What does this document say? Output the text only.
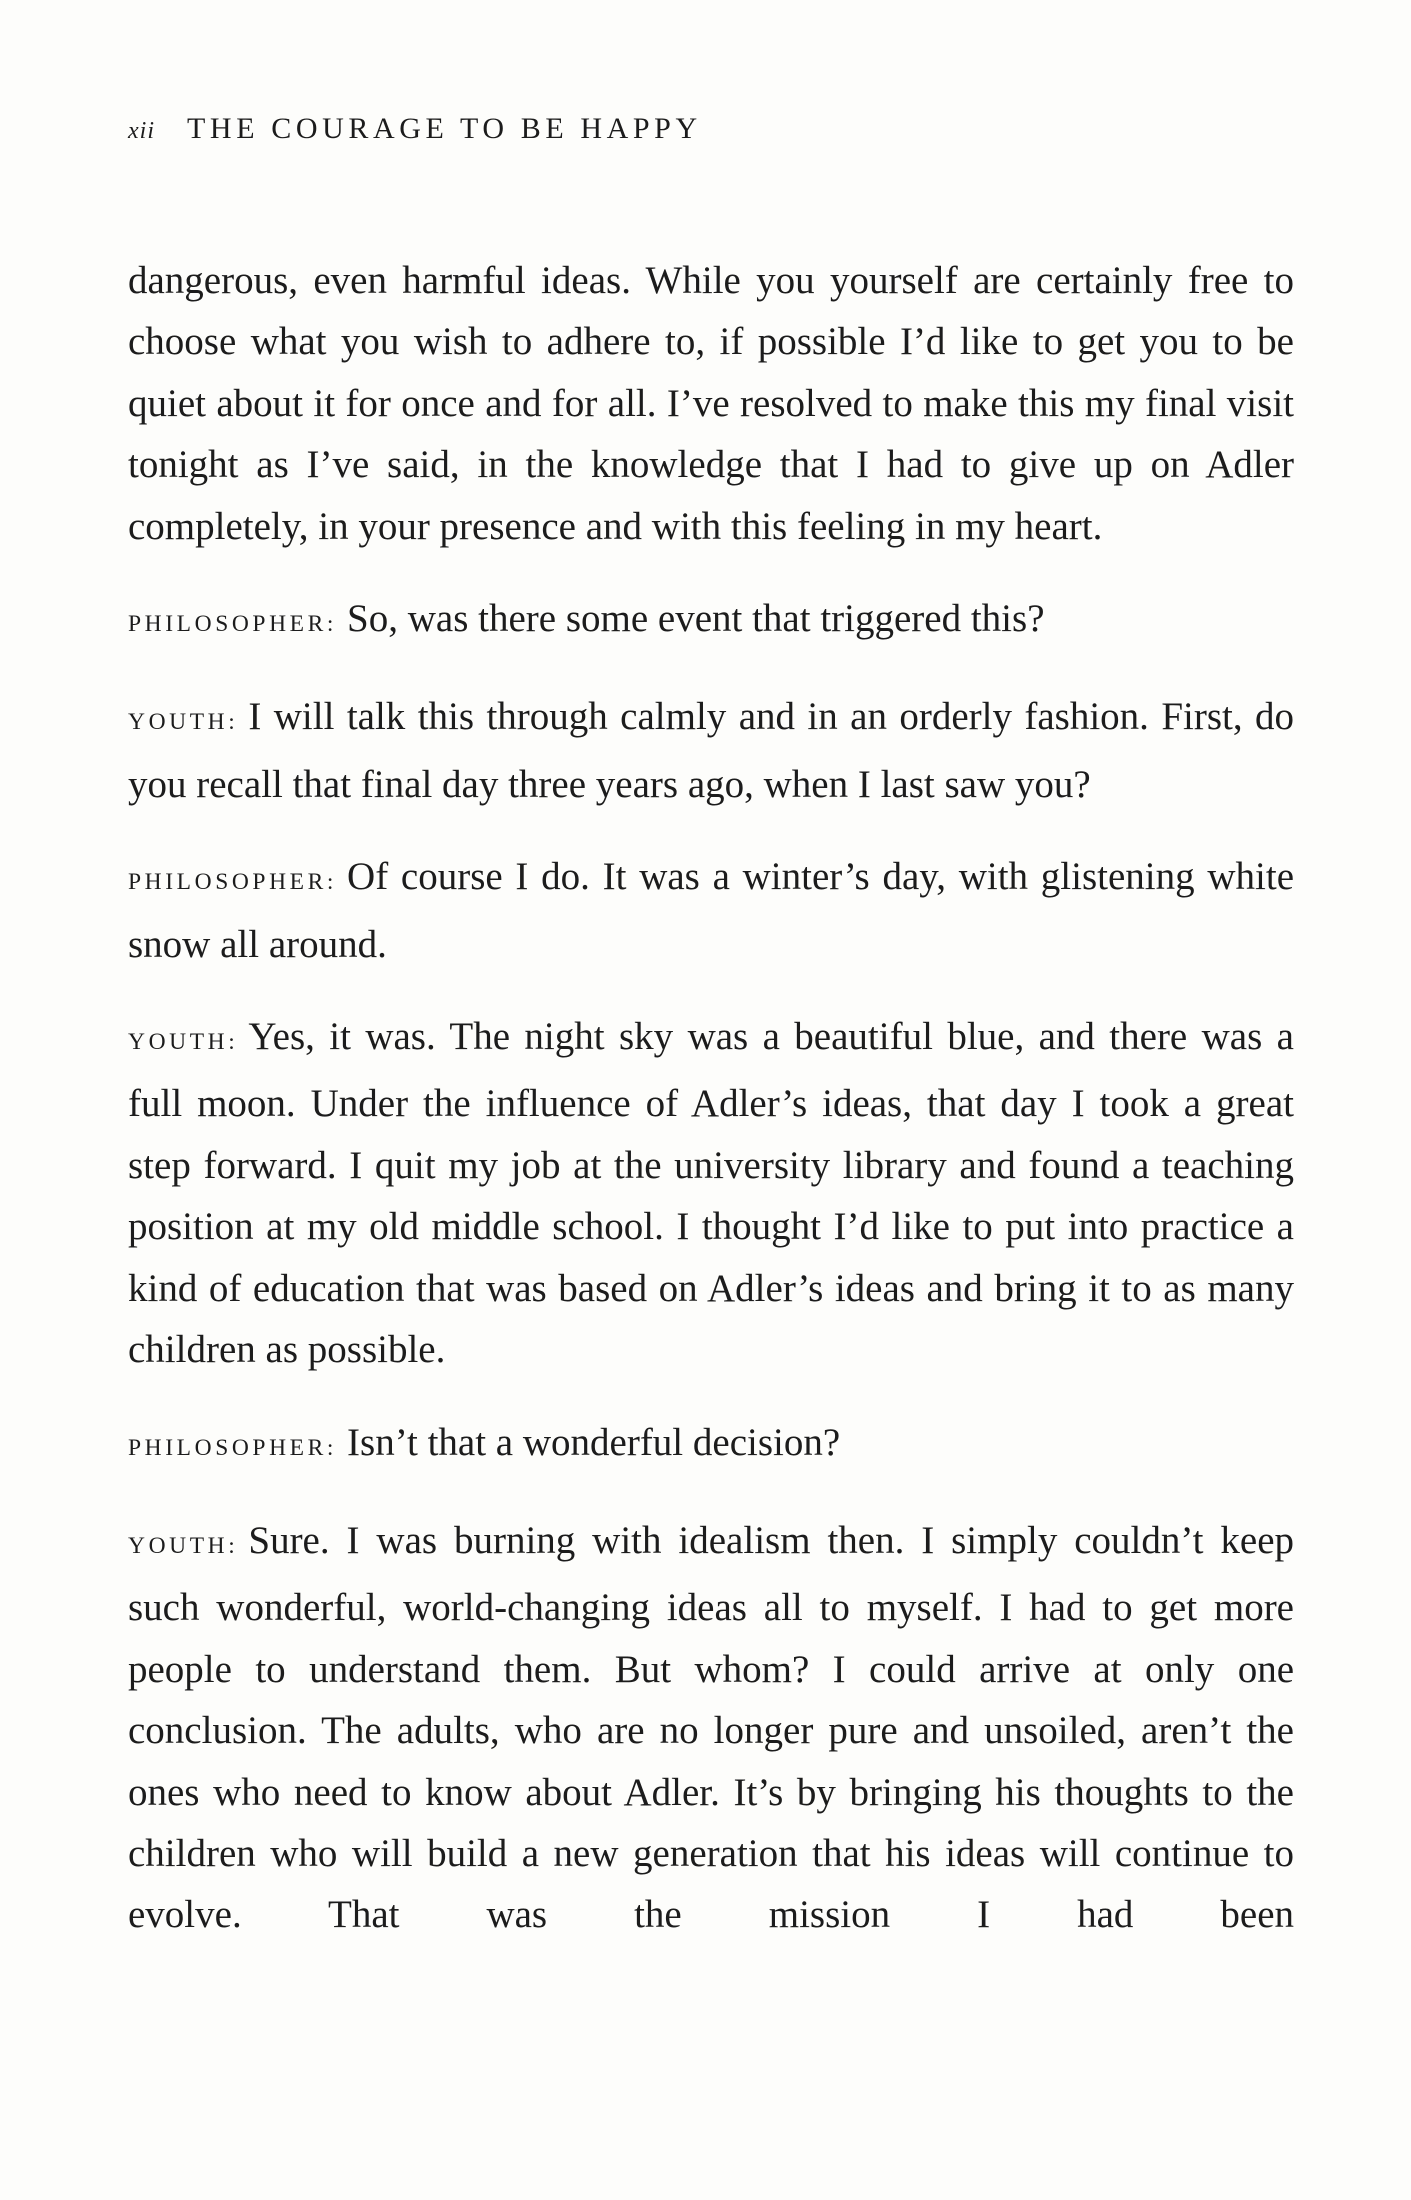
xii THE COURAGE TO BE HAPPY

dangerous, even harmful ideas. While you yourself are certainly free to choose what you wish to adhere to, if possible I’d like to get you to be quiet about it for once and for all. I’ve resolved to make this my final visit tonight as I’ve said, in the knowledge that I had to give up on Adler completely, in your presence and with this feeling in my heart.

PHILOSOPHER: So, was there some event that triggered this?

YOUTH: I will talk this through calmly and in an orderly fashion. First, do you recall that final day three years ago, when I last saw you?

PHILOSOPHER: Of course I do. It was a winter’s day, with glistening white snow all around.

YOUTH: Yes, it was. The night sky was a beautiful blue, and there was a full moon. Under the influence of Adler’s ideas, that day I took a great step forward. I quit my job at the university library and found a teaching position at my old middle school. I thought I’d like to put into practice a kind of education that was based on Adler’s ideas and bring it to as many children as possible.

PHILOSOPHER: Isn’t that a wonderful decision?

YOUTH: Sure. I was burning with idealism then. I simply couldn’t keep such wonderful, world-changing ideas all to myself. I had to get more people to understand them. But whom? I could arrive at only one conclusion. The adults, who are no longer pure and unsoiled, aren’t the ones who need to know about Adler. It’s by bringing his thoughts to the children who will build a new generation that his ideas will continue to evolve. That was the mission I had been
